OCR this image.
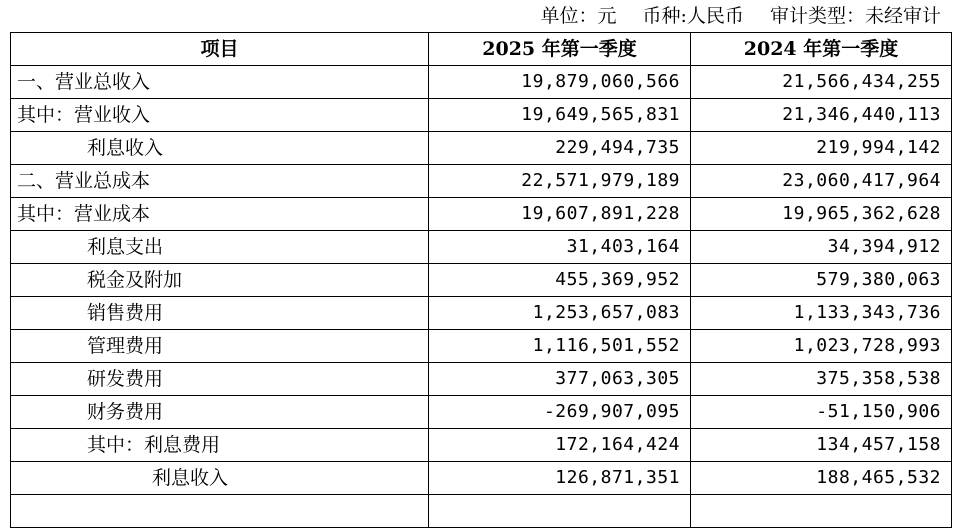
单位：元 币种:人民币 审计类型：未经审计
项目	2025 年第一季度	2024 年第一季度
一、营业总收入	19,879,060,566	21,566,434,255
其中：营业收入	19,649,565,831	21,346,440,113
利息收入	229,494,735	219,994,142
二、营业总成本	22,571,979,189	23,060,417,964
其中：营业成本	19,607,891,228	19,965,362,628
利息支出	31,403,164	34,394,912
税金及附加	455,369,952	579,380,063
销售费用	1,253,657,083	1,133,343,736
管理费用	1,116,501,552	1,023,728,993
研发费用	377,063,305	375,358,538
财务费用	-269,907,095	-51,150,906
其中：利息费用	172,164,424	134,457,158
利息收入	126,871,351	188,465,532
